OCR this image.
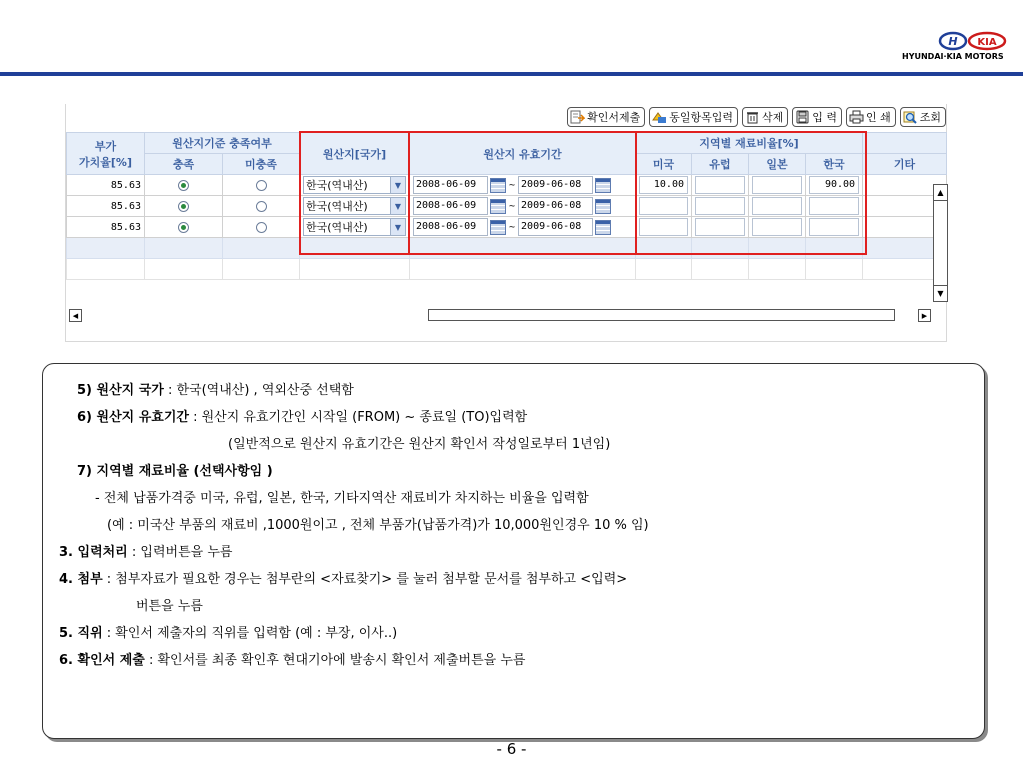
H KIA
HYUNDAI·KIA MOTORS
확인서제출	동일항목입력	삭제	입 력	인 쇄	조회
부가
가치율[%]	원산지기준 충족여부		원산지[국가]	원산지 유효기간	지역별 재료비율[%]				
	충족	미충족			미국	유럽	일본	한국	기타
85.63			한국(역내산) ▼	2008-06-09 ~ 2009-06-08	10.00			90.00	

85.63			한국(역내산) ▼	2008-06-09 ~ 2009-06-08					

85.63			한국(역내산) ▼	2008-06-09 ~ 2009-06-08					

▲
▼
◀	▶
5) 원산지 국가 : 한국(역내산) , 역외산중 선택함
6) 원산지 유효기간 : 원산지 유효기간인 시작일 (FROM) ~ 종료일 (TO)입력함
(일반적으로 원산지 유효기간은 원산지 확인서 작성일로부터 1년임)
7) 지역별 재료비율 (선택사항임 )
- 전체 납품가격중 미국, 유럽, 일본, 한국, 기타지역산 재료비가 차지하는 비율을 입력함
(예 : 미국산 부품의 재료비 ,1000원이고 , 전체 부품가(납품가격)가 10,000원인경우 10 % 임)
3. 입력처리 : 입력버튼을 누름
4. 첨부 : 첨부자료가 필요한 경우는 첨부란의 <자료찾기> 를 눌러 첨부할 문서를 첨부하고 <입력>
버튼을 누름
5. 직위 : 확인서 제출자의 직위를 입력함 (예 : 부장, 이사..)
6. 확인서 제출 : 확인서를 최종 확인후 현대기아에 발송시 확인서 제출버튼을 누름
- 6 -
